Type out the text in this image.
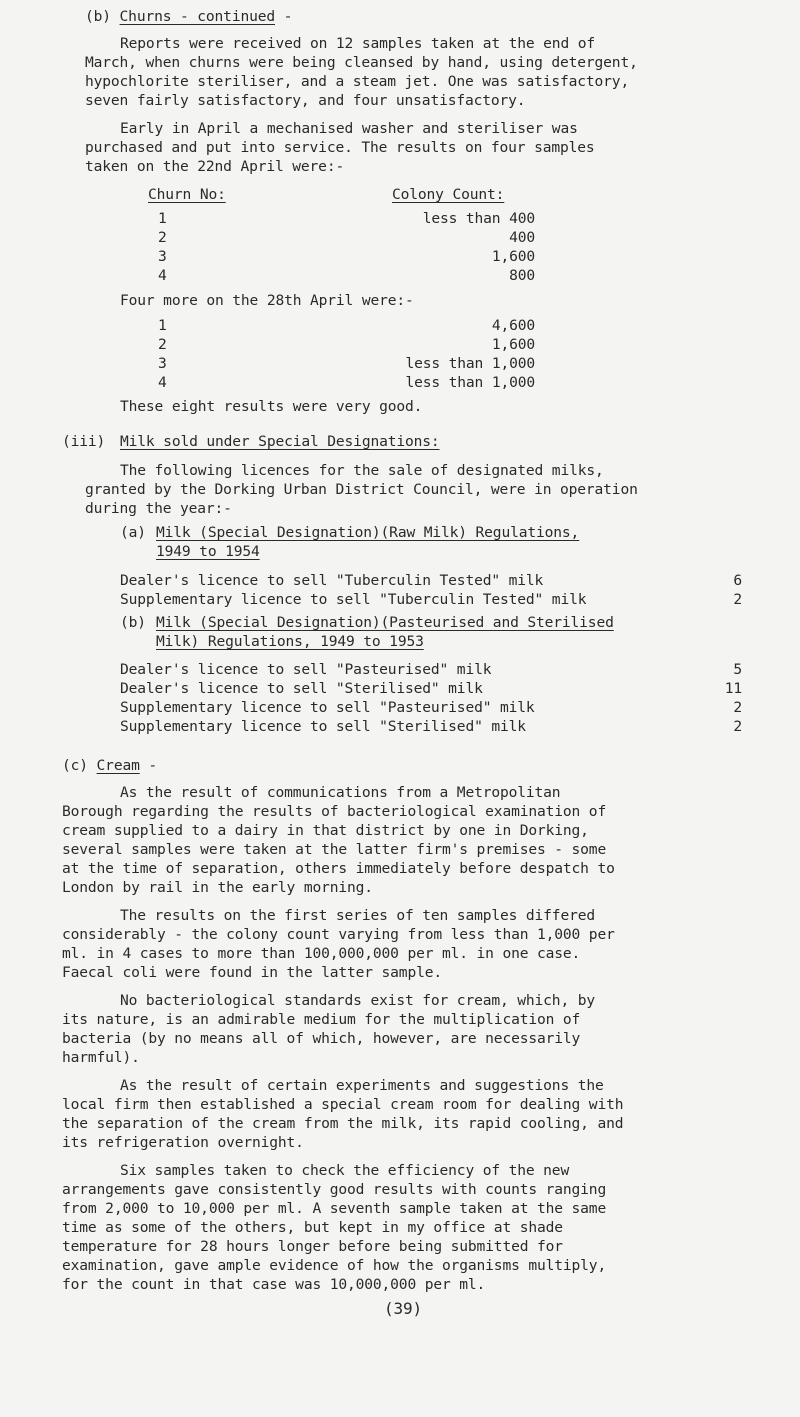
(b) Churns - continued -
Reports were received on 12 samples taken at the end of
March, when churns were being cleansed by hand, using detergent,
hypochlorite steriliser, and a steam jet. One was satisfactory,
seven fairly satisfactory, and four unsatisfactory.
Early in April a mechanised washer and steriliser was
purchased and put into service. The results on four samples
taken on the 22nd April were:-
Churn No:	Colony Count:
1	less than 400
2	400
3	1,600
4	800
Four more on the 28th April were:-
1	4,600
2	1,600
3	less than 1,000
4	less than 1,000
These eight results were very good.
(iii) Milk sold under Special Designations:
The following licences for the sale of designated milks,
granted by the Dorking Urban District Council, were in operation
during the year:-
(a) Milk (Special Designation)(Raw Milk) Regulations,
1949 to 1954
Dealer's licence to sell "Tuberculin Tested" milk	6
Supplementary licence to sell "Tuberculin Tested" milk	2
(b) Milk (Special Designation)(Pasteurised and Sterilised
Milk) Regulations, 1949 to 1953
Dealer's licence to sell "Pasteurised" milk	5
Dealer's licence to sell "Sterilised" milk	11
Supplementary licence to sell "Pasteurised" milk	2
Supplementary licence to sell "Sterilised" milk	2
(c) Cream -
As the result of communications from a Metropolitan
Borough regarding the results of bacteriological examination of
cream supplied to a dairy in that district by one in Dorking,
several samples were taken at the latter firm's premises - some
at the time of separation, others immediately before despatch to
London by rail in the early morning.
The results on the first series of ten samples differed
considerably - the colony count varying from less than 1,000 per
ml. in 4 cases to more than 100,000,000 per ml. in one case.
Faecal coli were found in the latter sample.
No bacteriological standards exist for cream, which, by
its nature, is an admirable medium for the multiplication of
bacteria (by no means all of which, however, are necessarily
harmful).
As the result of certain experiments and suggestions the
local firm then established a special cream room for dealing with
the separation of the cream from the milk, its rapid cooling, and
its refrigeration overnight.
Six samples taken to check the efficiency of the new
arrangements gave consistently good results with counts ranging
from 2,000 to 10,000 per ml. A seventh sample taken at the same
time as some of the others, but kept in my office at shade
temperature for 28 hours longer before being submitted for
examination, gave ample evidence of how the organisms multiply,
for the count in that case was 10,000,000 per ml.
(39)
